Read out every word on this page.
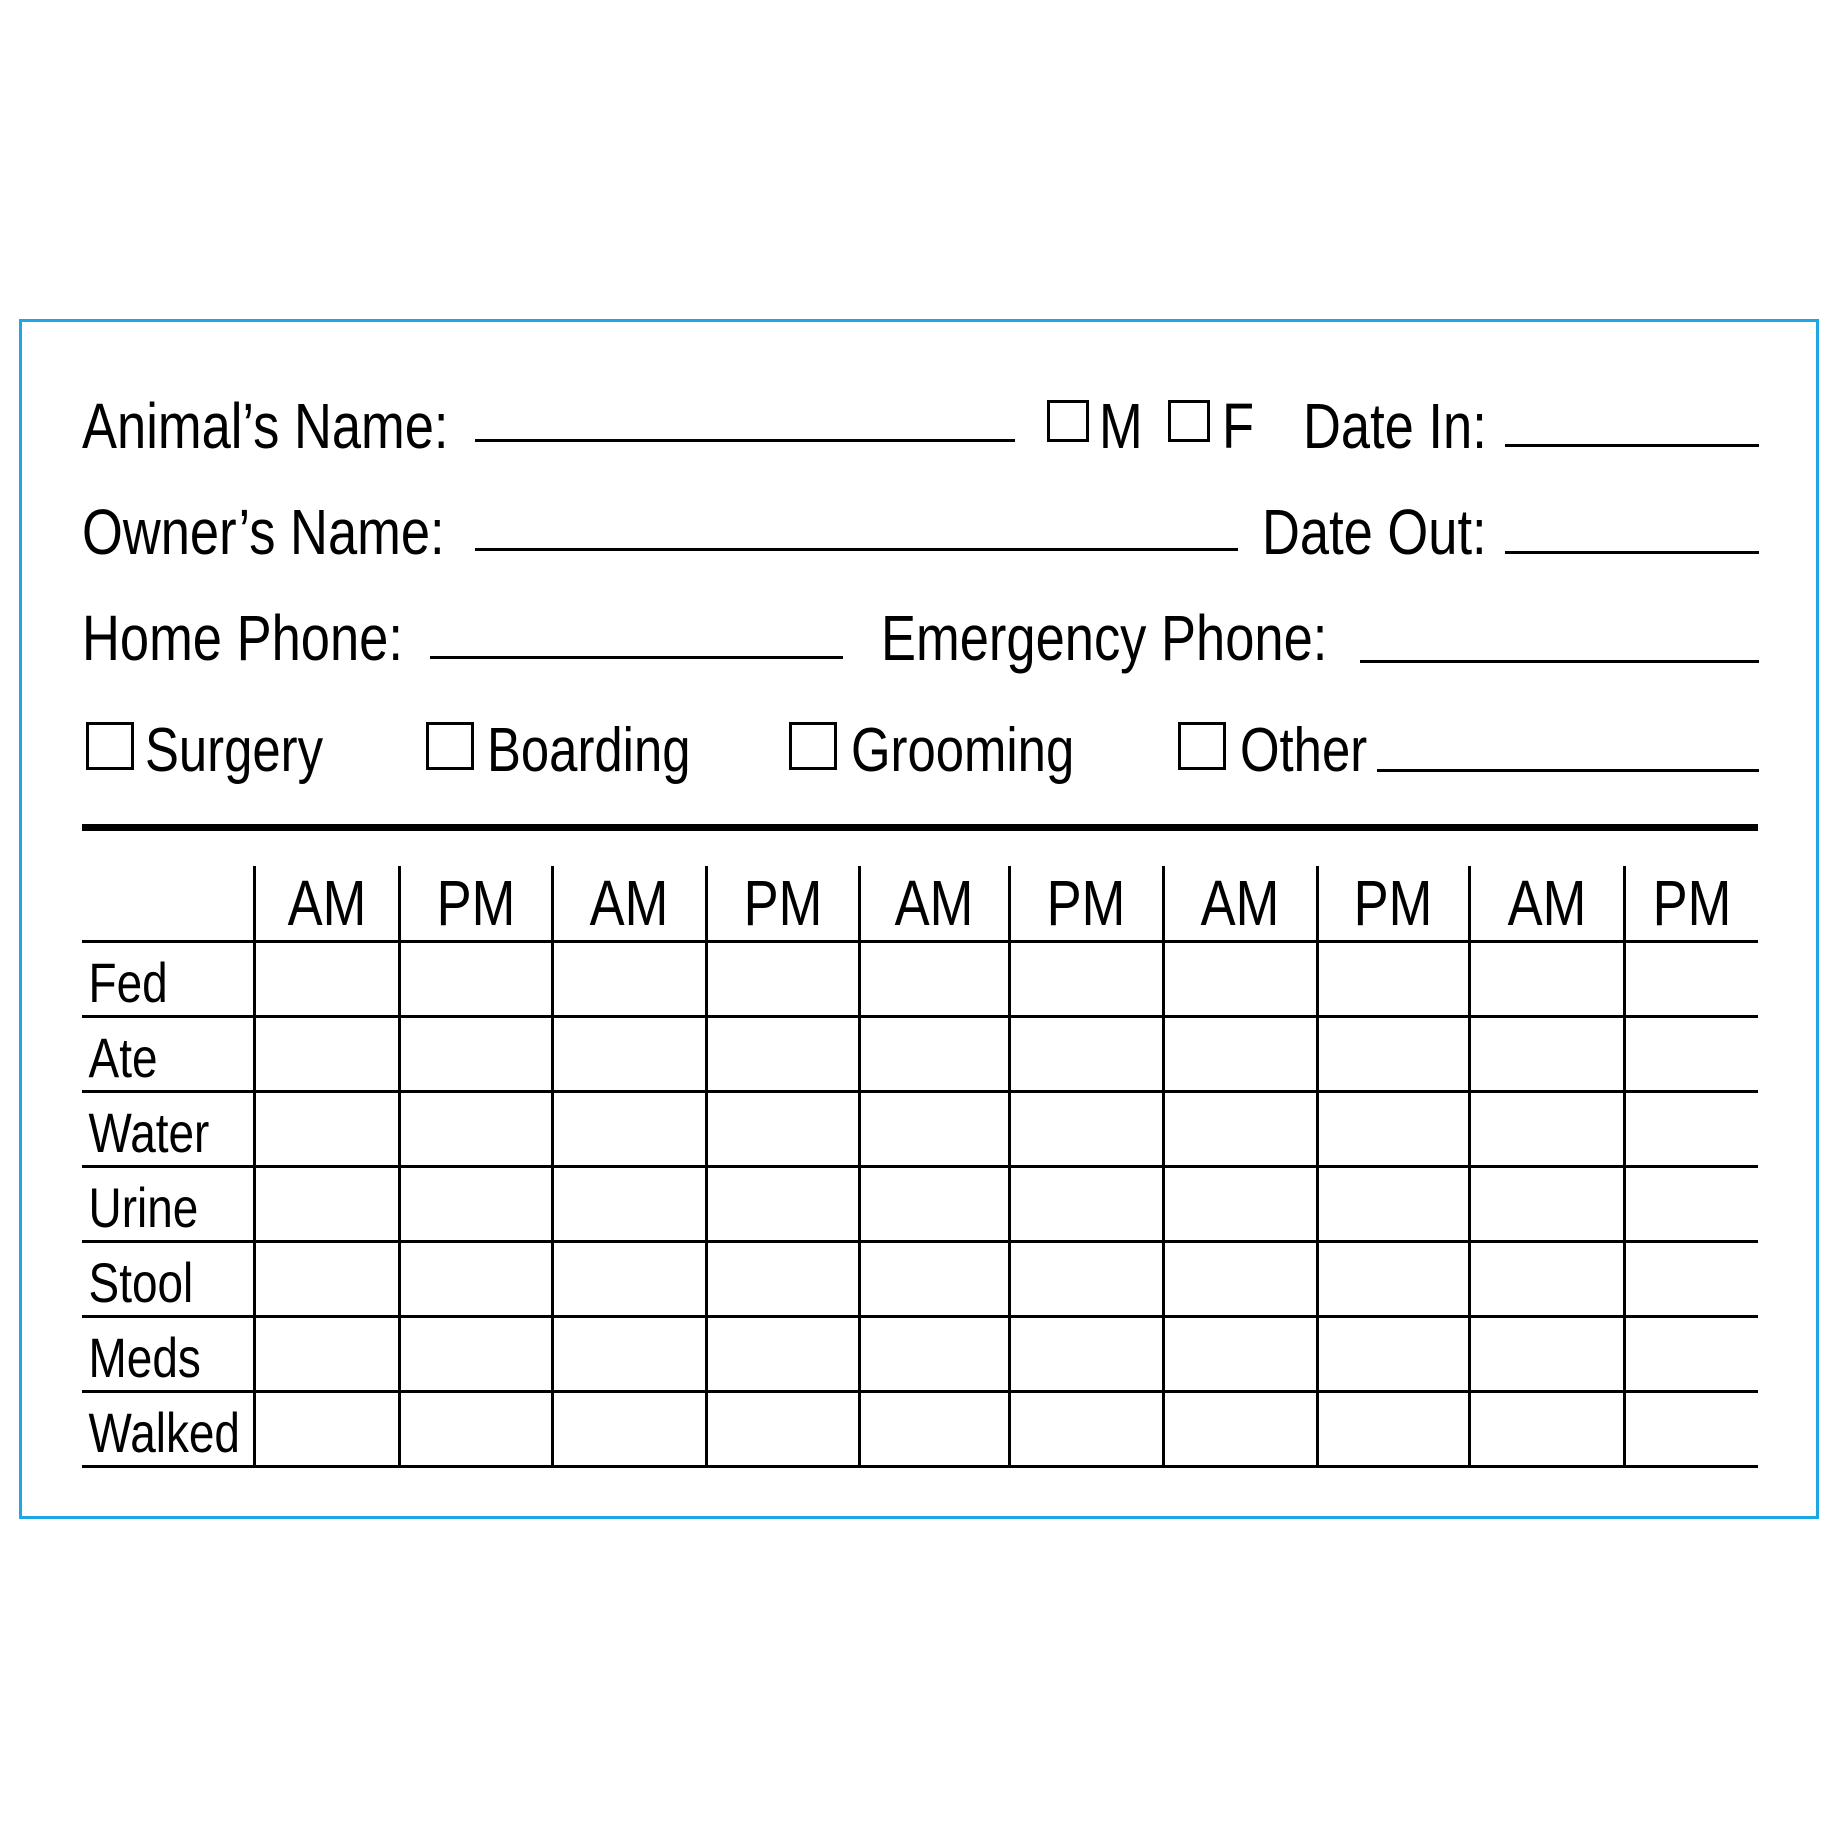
Animal’s Name:	M F Date In:
Owner’s Name:	Date Out:
Home Phone:	Emergency Phone:
Surgery	Boarding	Grooming	Other
	AM	PM	AM	PM	AM	PM	AM	PM	AM	PM
Fed										
Ate										
Water										
Urine										
Stool										
Meds										
Walked										
